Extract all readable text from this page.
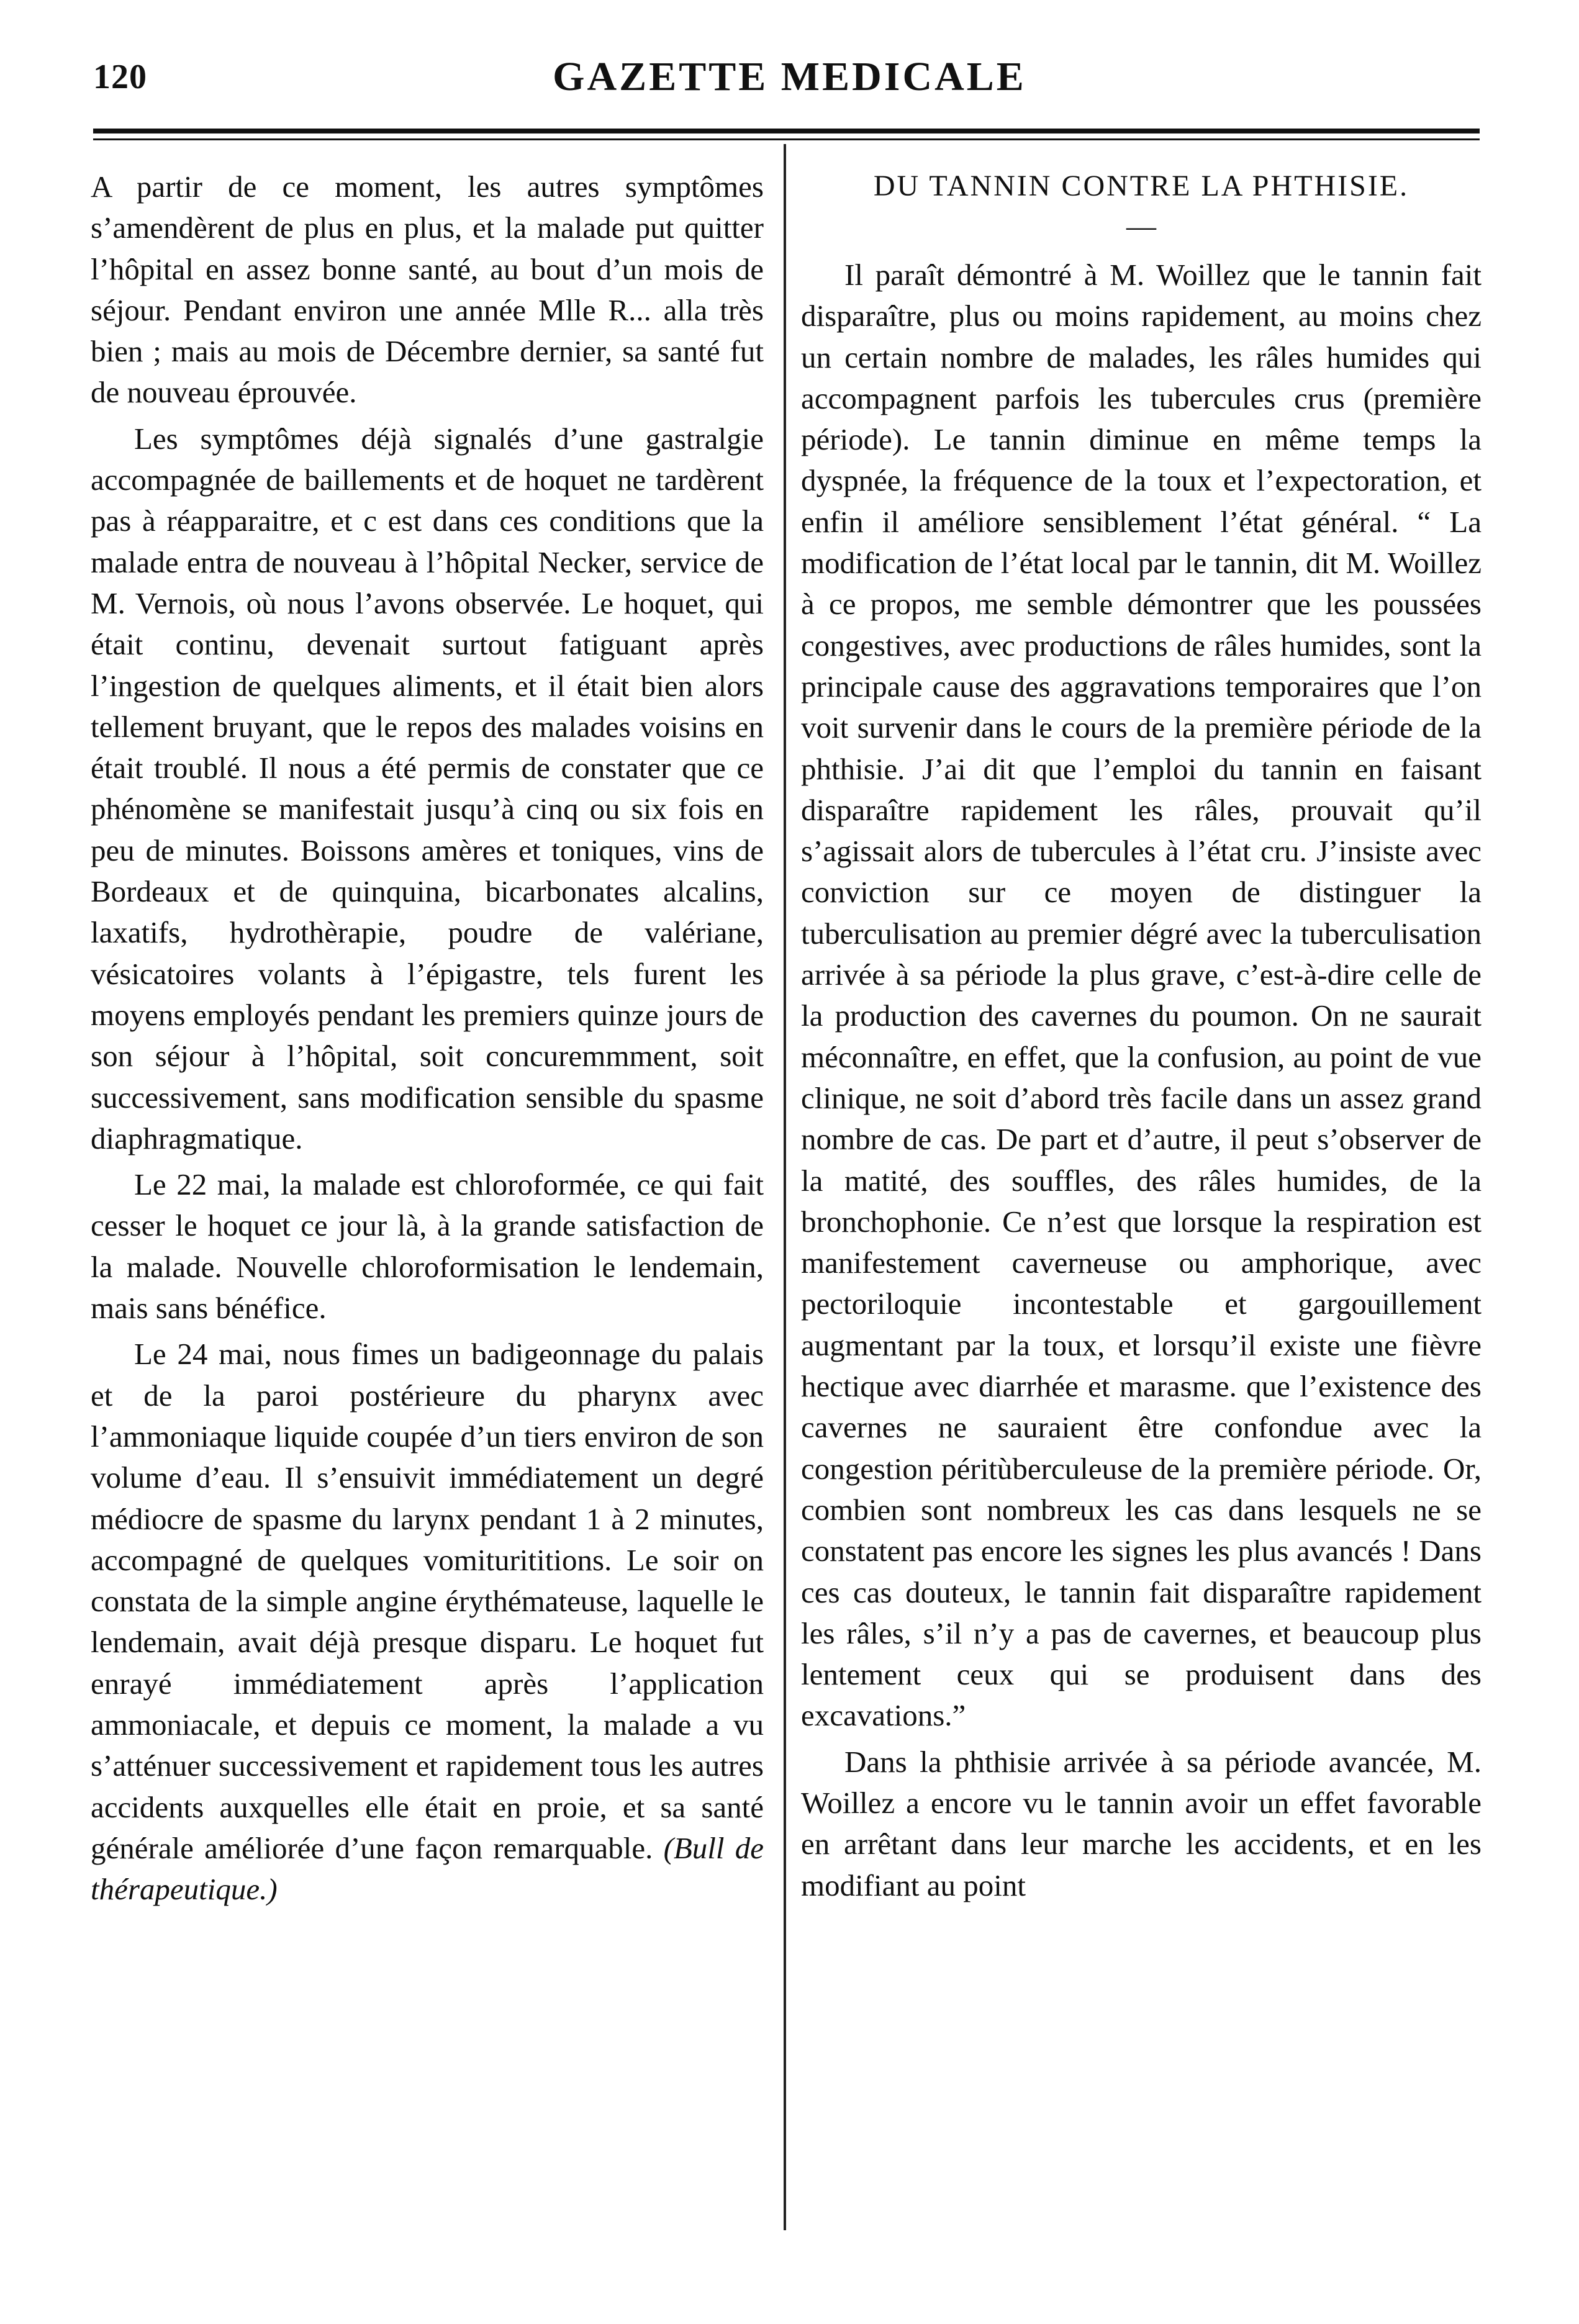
120	GAZETTE MEDICALE

A partir de ce moment, les autres symptômes s’amendèrent de plus en plus, et la malade put quitter l’hôpital en assez bonne santé, au bout d’un mois de séjour. Pendant environ une année Mlle R... alla très bien ; mais au mois de Décembre dernier, sa santé fut de nouveau éprouvée.

Les symptômes déjà signalés d’une gastralgie accompagnée de baillements et de hoquet ne tardèrent pas à réapparaitre, et c est dans ces conditions que la malade entra de nouveau à l’hôpital Necker, service de M. Vernois, où nous l’avons observée. Le hoquet, qui était continu, devenait surtout fatiguant après l’ingestion de quelques aliments, et il était bien alors tellement bruyant, que le repos des malades voisins en était troublé. Il nous a été permis de constater que ce phénomène se manifestait jusqu’à cinq ou six fois en peu de minutes. Boissons amères et toniques, vins de Bordeaux et de quinquina, bicarbonates alcalins, laxatifs, hydrothèrapie, poudre de valériane, vésicatoires volants à l’épigastre, tels furent les moyens employés pendant les premiers quinze jours de son séjour à l’hôpital, soit concuremmment, soit successivement, sans modification sensible du spasme diaphragmatique.

Le 22 mai, la malade est chloroformée, ce qui fait cesser le hoquet ce jour là, à la grande satisfaction de la malade. Nouvelle chloroformisation le lendemain, mais sans bénéfice.

Le 24 mai, nous fimes un badigeonnage du palais et de la paroi postérieure du pharynx avec l’ammoniaque liquide coupée d’un tiers environ de son volume d’eau. Il s’ensuivit immédiatement un degré médiocre de spasme du larynx pendant 1 à 2 minutes, accompagné de quelques vomiturititions. Le soir on constata de la simple angine érythémateuse, laquelle le lendemain, avait déjà presque disparu. Le hoquet fut enrayé immédiatement après l’application ammoniacale, et depuis ce moment, la malade a vu s’atténuer successivement et rapidement tous les autres accidents auxquelles elle était en proie, et sa santé générale améliorée d’une façon remarquable. (Bull de thérapeutique.)

DU TANNIN CONTRE LA PHTHISIE.
—

Il paraît démontré à M. Woillez que le tannin fait disparaître, plus ou moins rapidement, au moins chez un certain nombre de malades, les râles humides qui accompagnent parfois les tubercules crus (première période). Le tannin diminue en même temps la dyspnée, la fréquence de la toux et l’expectoration, et enfin il améliore sensiblement l’état général. “ La modification de l’état local par le tannin, dit M. Woillez à ce propos, me semble démontrer que les poussées congestives, avec productions de râles humides, sont la principale cause des aggravations temporaires que l’on voit survenir dans le cours de la première période de la phthisie. J’ai dit que l’emploi du tannin en faisant disparaître rapidement les râles, prouvait qu’il s’agissait alors de tubercules à l’état cru. J’insiste avec conviction sur ce moyen de distinguer la tuberculisation au premier dégré avec la tuberculisation arrivée à sa période la plus grave, c’est-à-dire celle de la production des cavernes du poumon. On ne saurait méconnaître, en effet, que la confusion, au point de vue clinique, ne soit d’abord très facile dans un assez grand nombre de cas. De part et d’autre, il peut s’observer de la matité, des souffles, des râles humides, de la bronchophonie. Ce n’est que lorsque la respiration est manifestement caverneuse ou amphorique, avec pectoriloquie incontestable et gargouillement augmentant par la toux, et lorsqu’il existe une fièvre hectique avec diarrhée et marasme. que l’existence des cavernes ne sauraient être confondue avec la congestion péritùberculeuse de la première période. Or, combien sont nombreux les cas dans lesquels ne se constatent pas encore les signes les plus avancés ! Dans ces cas douteux, le tannin fait disparaître rapidement les râles, s’il n’y a pas de cavernes, et beaucoup plus lentement ceux qui se produisent dans des excavations.”

Dans la phthisie arrivée à sa période avancée, M. Woillez a encore vu le tannin avoir un effet favorable en arrêtant dans leur marche les accidents, et en les modifiant au point
